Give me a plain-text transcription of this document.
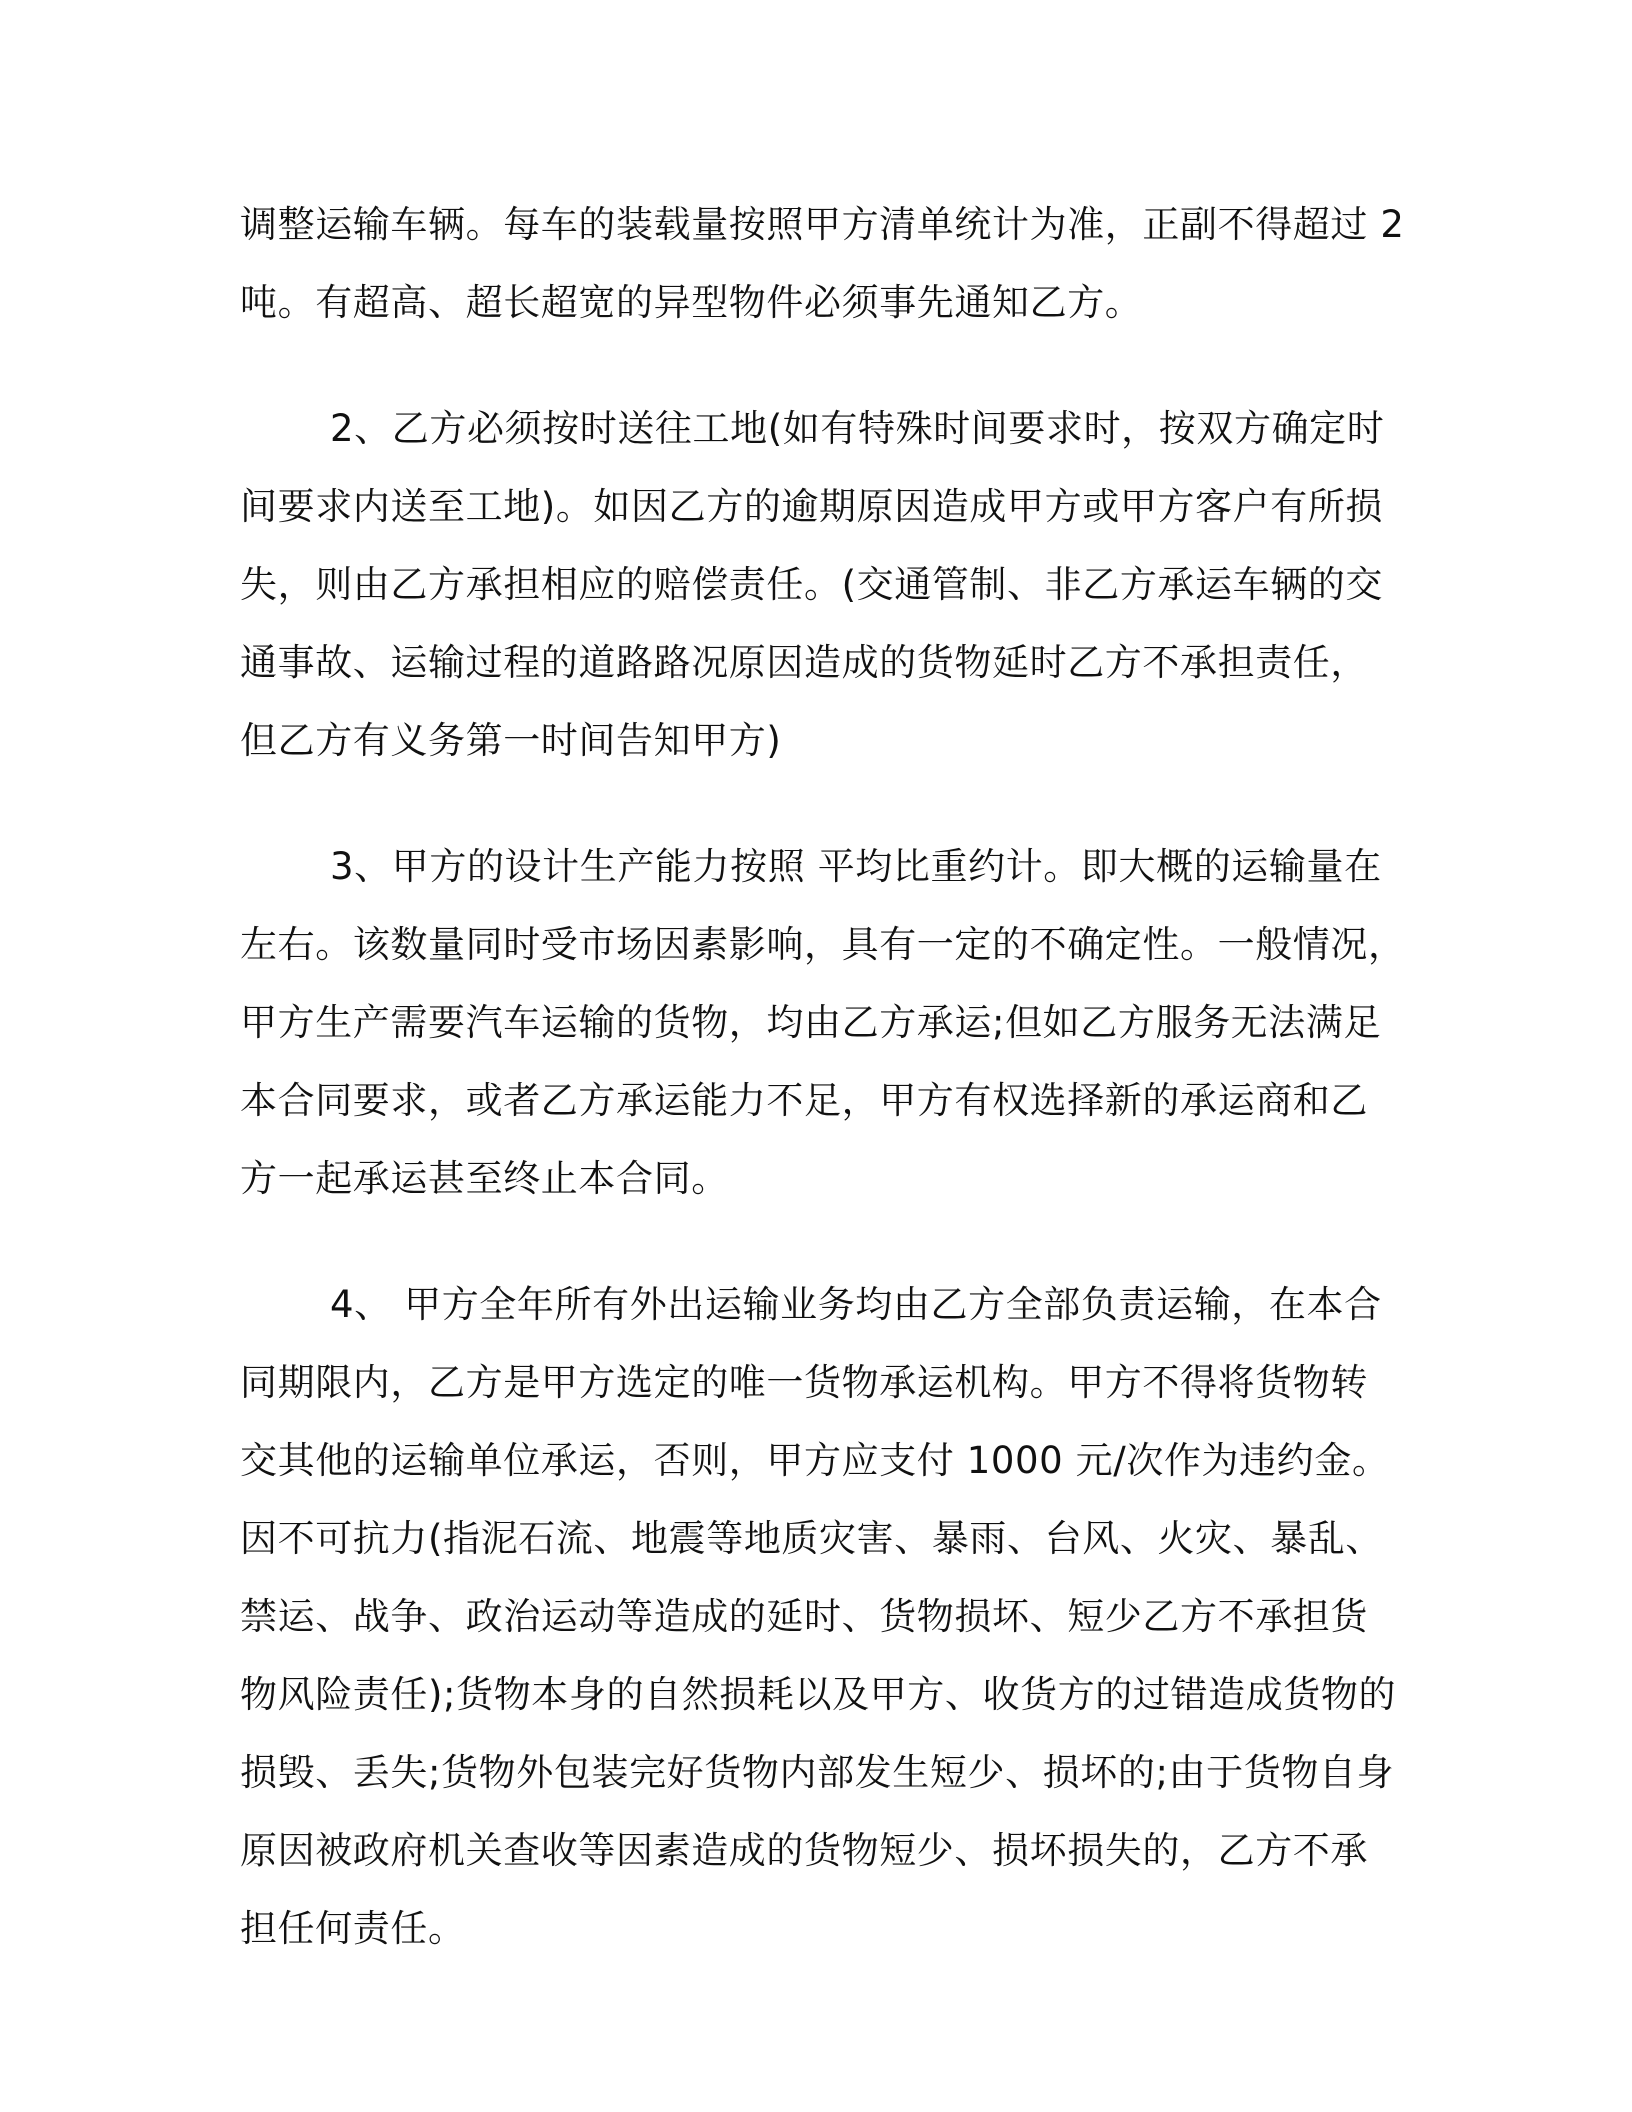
调整运输车辆。每车的装载量按照甲方清单统计为准，正副不得超过 2
吨。有超高、超长超宽的异型物件必须事先通知乙方。
2、乙方必须按时送往工地(如有特殊时间要求时，按双方确定时
间要求内送至工地)。如因乙方的逾期原因造成甲方或甲方客户有所损
失，则由乙方承担相应的赔偿责任。(交通管制、非乙方承运车辆的交
通事故、运输过程的道路路况原因造成的货物延时乙方不承担责任，
但乙方有义务第一时间告知甲方)
3、甲方的设计生产能力按照 平均比重约计。即大概的运输量在
左右。该数量同时受市场因素影响，具有一定的不确定性。一般情况，
甲方生产需要汽车运输的货物，均由乙方承运;但如乙方服务无法满足
本合同要求，或者乙方承运能力不足，甲方有权选择新的承运商和乙
方一起承运甚至终止本合同。
4、 甲方全年所有外出运输业务均由乙方全部负责运输，在本合
同期限内，乙方是甲方选定的唯一货物承运机构。甲方不得将货物转
交其他的运输单位承运，否则，甲方应支付 1000 元/次作为违约金。
因不可抗力(指泥石流、地震等地质灾害、暴雨、台风、火灾、暴乱、
禁运、战争、政治运动等造成的延时、货物损坏、短少乙方不承担货
物风险责任);货物本身的自然损耗以及甲方、收货方的过错造成货物的
损毁、丢失;货物外包装完好货物内部发生短少、损坏的;由于货物自身
原因被政府机关查收等因素造成的货物短少、损坏损失的，乙方不承
担任何责任。
